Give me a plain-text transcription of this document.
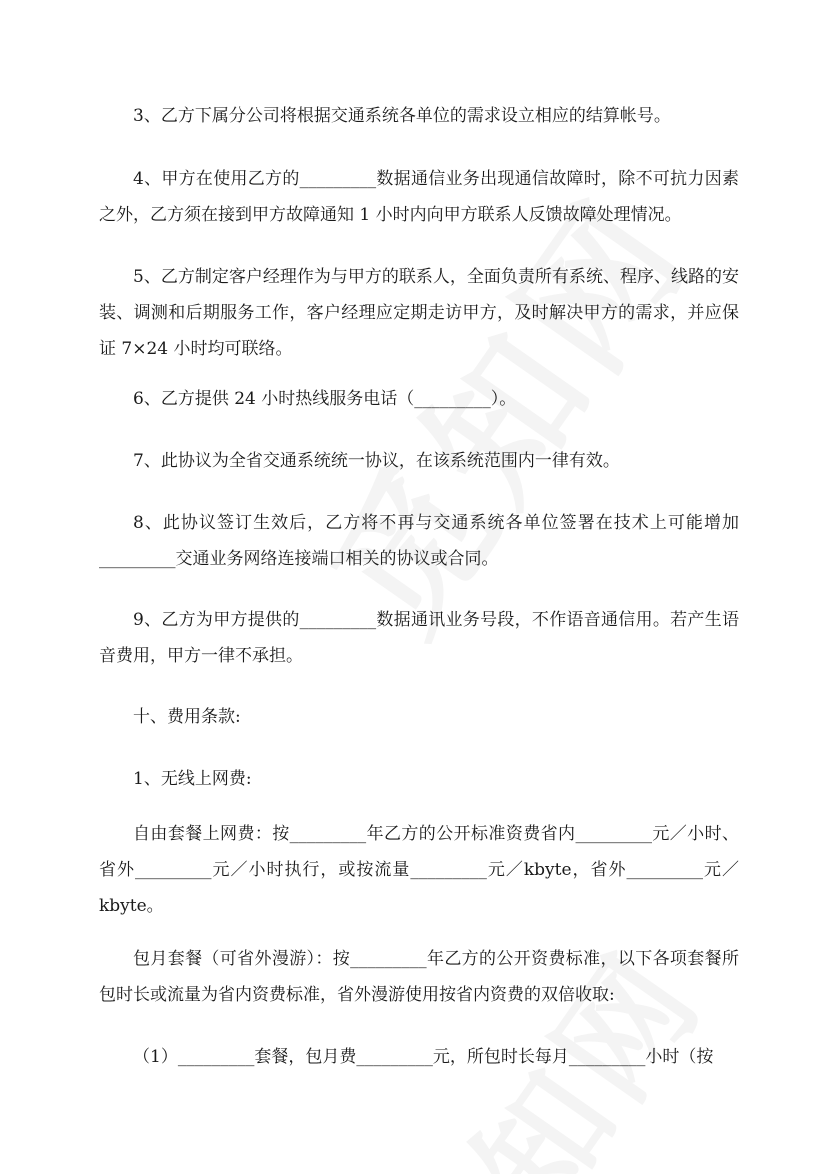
3、乙方下属分公司将根据交通系统各单位的需求设立相应的结算帐号。

4、甲方在使用乙方的_________数据通信业务出现通信故障时，除不可抗力因素之外，乙方须在接到甲方故障通知 1 小时内向甲方联系人反馈故障处理情况。

5、乙方制定客户经理作为与甲方的联系人，全面负责所有系统、程序、线路的安装、调测和后期服务工作，客户经理应定期走访甲方，及时解决甲方的需求，并应保证 7×24 小时均可联络。

6、乙方提供 24 小时热线服务电话（_________）。

7、此协议为全省交通系统统一协议，在该系统范围内一律有效。

8、此协议签订生效后，乙方将不再与交通系统各单位签署在技术上可能增加_________交通业务网络连接端口相关的协议或合同。

9、乙方为甲方提供的_________数据通讯业务号段，不作语音通信用。若产生语音费用，甲方一律不承担。

十、费用条款:

1、无线上网费:

自由套餐上网费：按_________年乙方的公开标准资费省内_________元／小时、省外_________元／小时执行，或按流量_________元／kbyte，省外_________元／kbyte。

包月套餐（可省外漫游）：按_________年乙方的公开资费标准，以下各项套餐所包时长或流量为省内资费标准，省外漫游使用按省内资费的双倍收取:

（1）_________套餐，包月费_________元，所包时长每月_________小时（按
